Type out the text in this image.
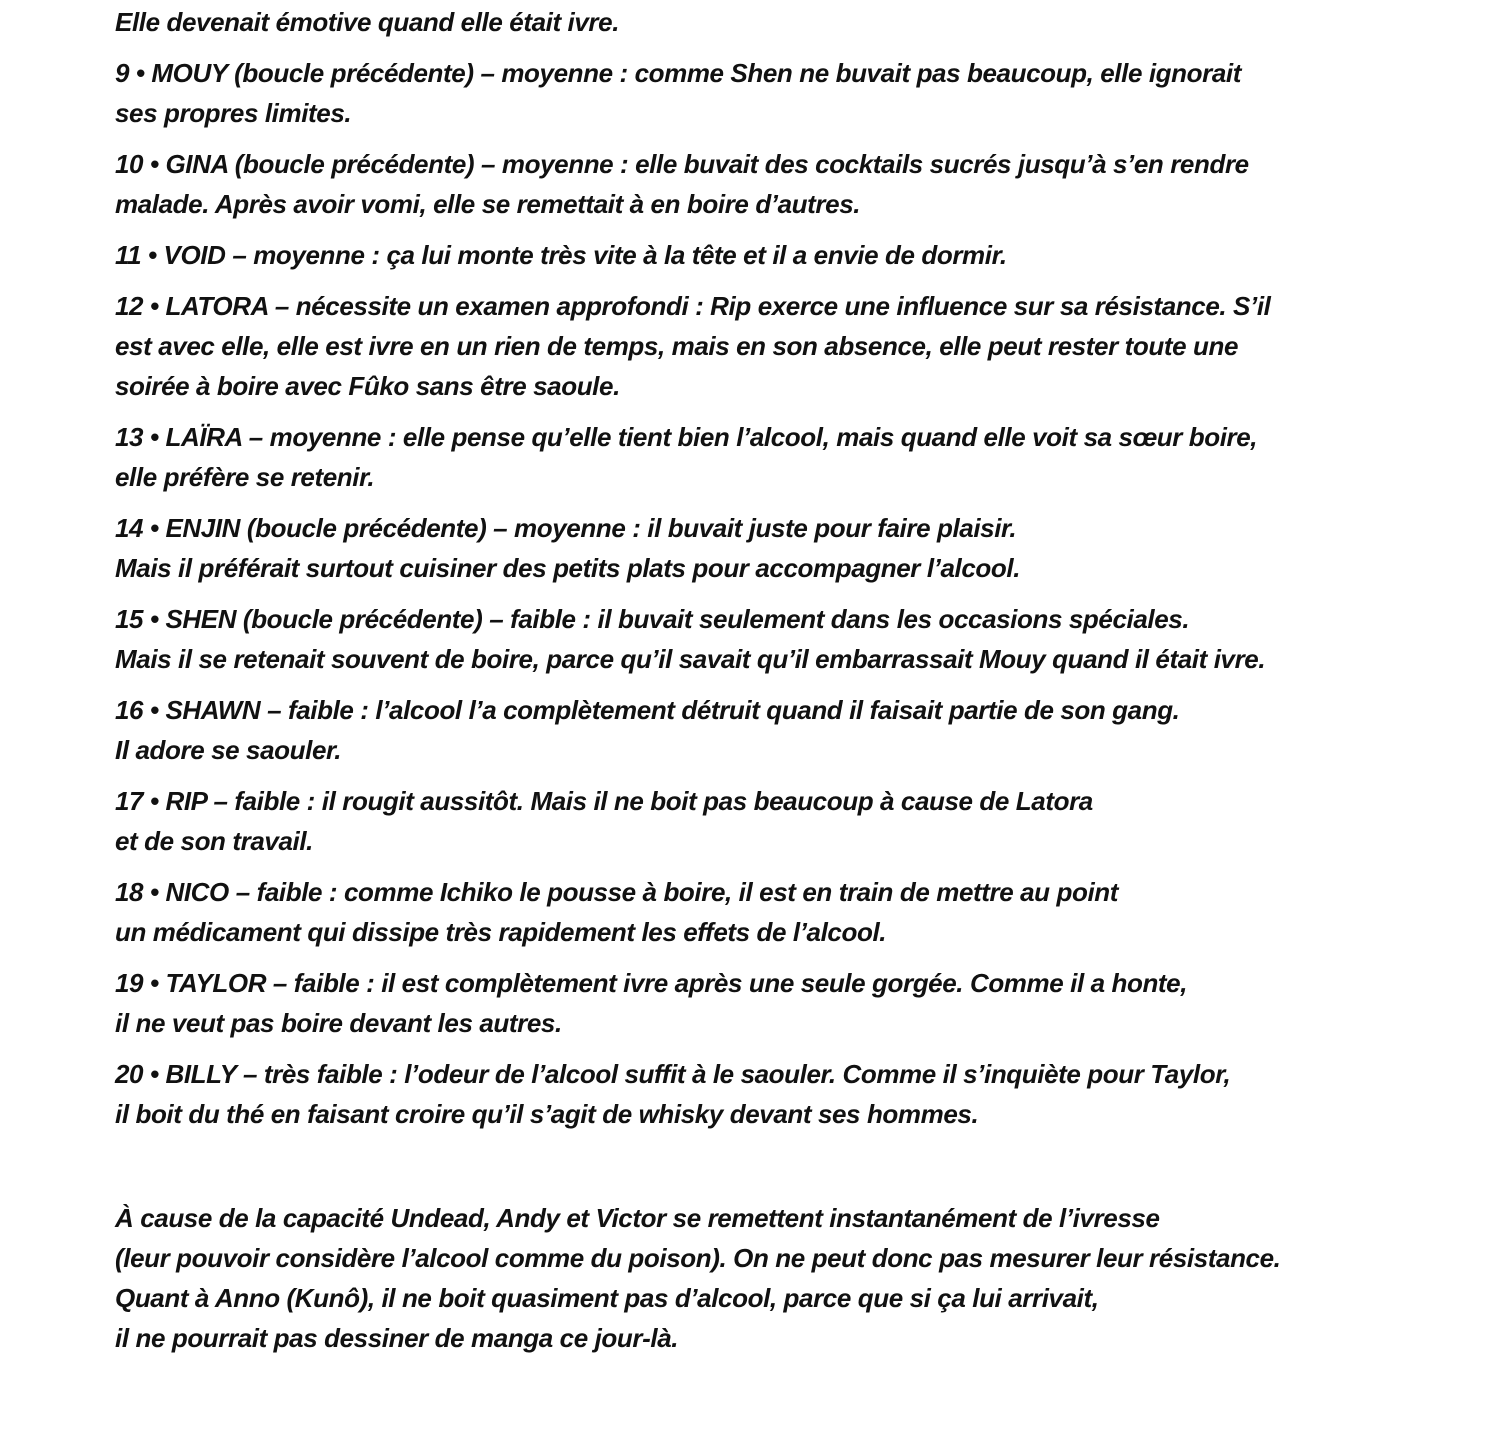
Elle devenait émotive quand elle était ivre.

9 • MOUY (boucle précédente) – moyenne : comme Shen ne buvait pas beaucoup, elle ignorait
ses propres limites.

10 • GINA (boucle précédente) – moyenne : elle buvait des cocktails sucrés jusqu’à s’en rendre
malade. Après avoir vomi, elle se remettait à en boire d’autres.

11 • VOID – moyenne : ça lui monte très vite à la tête et il a envie de dormir.

12 • LATORA – nécessite un examen approfondi : Rip exerce une influence sur sa résistance. S’il
est avec elle, elle est ivre en un rien de temps, mais en son absence, elle peut rester toute une
soirée à boire avec Fûko sans être saoule.

13 • LAÏRA – moyenne : elle pense qu’elle tient bien l’alcool, mais quand elle voit sa sœur boire,
elle préfère se retenir.

14 • ENJIN (boucle précédente) – moyenne : il buvait juste pour faire plaisir.
Mais il préférait surtout cuisiner des petits plats pour accompagner l’alcool.

15 • SHEN (boucle précédente) – faible : il buvait seulement dans les occasions spéciales.
Mais il se retenait souvent de boire, parce qu’il savait qu’il embarrassait Mouy quand il était ivre.

16 • SHAWN – faible : l’alcool l’a complètement détruit quand il faisait partie de son gang.
Il adore se saouler.

17 • RIP – faible : il rougit aussitôt. Mais il ne boit pas beaucoup à cause de Latora
et de son travail.

18 • NICO – faible : comme Ichiko le pousse à boire, il est en train de mettre au point
un médicament qui dissipe très rapidement les effets de l’alcool.

19 • TAYLOR – faible : il est complètement ivre après une seule gorgée. Comme il a honte,
il ne veut pas boire devant les autres.

20 • BILLY – très faible : l’odeur de l’alcool suffit à le saouler. Comme il s’inquiète pour Taylor,
il boit du thé en faisant croire qu’il s’agit de whisky devant ses hommes.

À cause de la capacité Undead, Andy et Victor se remettent instantanément de l’ivresse
(leur pouvoir considère l’alcool comme du poison). On ne peut donc pas mesurer leur résistance.
Quant à Anno (Kunô), il ne boit quasiment pas d’alcool, parce que si ça lui arrivait,
il ne pourrait pas dessiner de manga ce jour-là.
